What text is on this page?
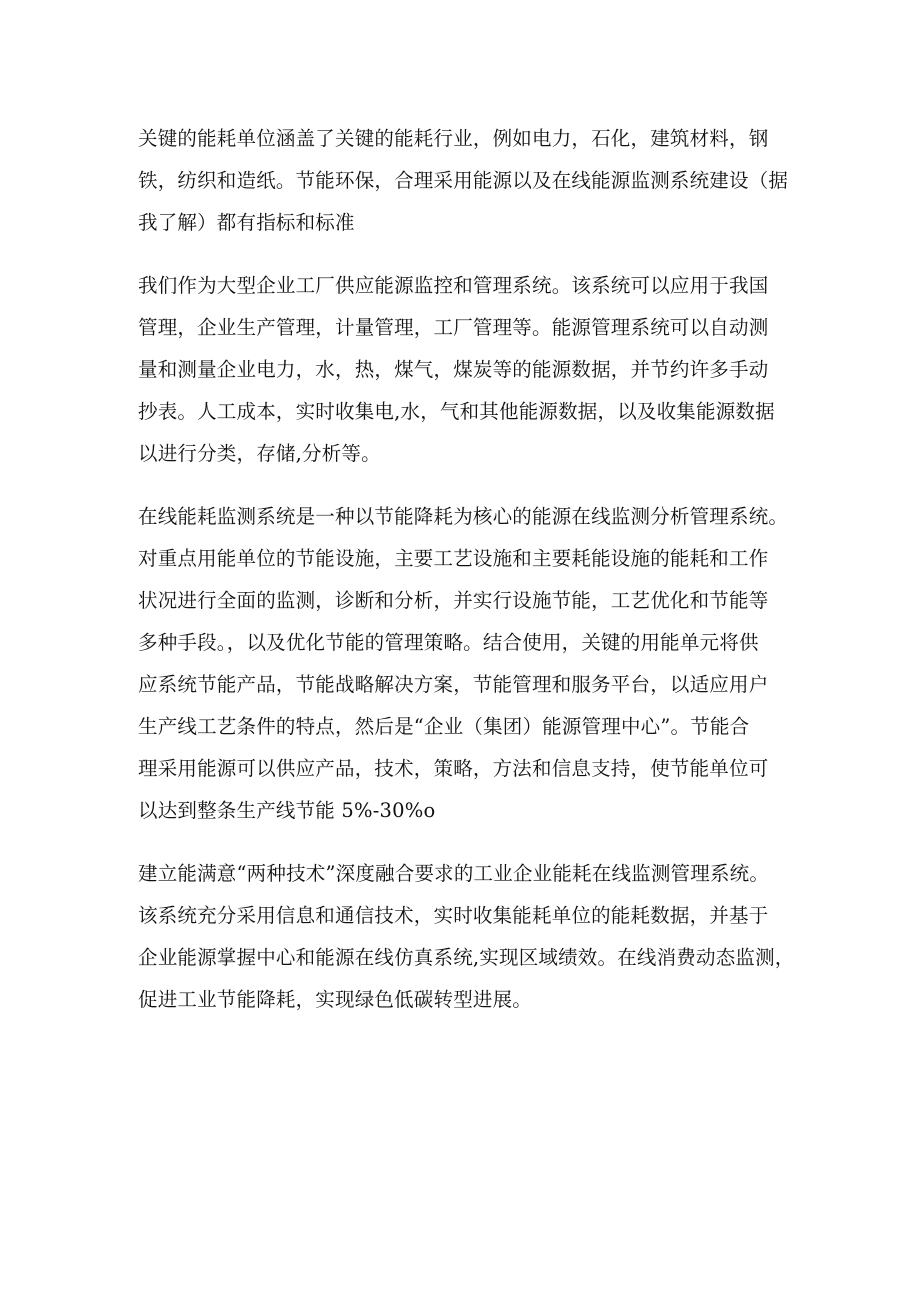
关键的能耗单位涵盖了关键的能耗行业，例如电力，石化，建筑材料，钢
铁，纺织和造纸。节能环保，合理采用能源以及在线能源监测系统建设（据
我了解）都有指标和标准
我们作为大型企业工厂供应能源监控和管理系统。该系统可以应用于我国
管理，企业生产管理，计量管理，工厂管理等。能源管理系统可以自动测
量和测量企业电力，水，热，煤气，煤炭等的能源数据，并节约许多手动
抄表。人工成本，实时收集电,水，气和其他能源数据，以及收集能源数据
以进行分类，存储,分析等。
在线能耗监测系统是一种以节能降耗为核心的能源在线监测分析管理系统。
对重点用能单位的节能设施，主要工艺设施和主要耗能设施的能耗和工作
状况进行全面的监测，诊断和分析，并实行设施节能，工艺优化和节能等
多种手段。，以及优化节能的管理策略。结合使用，关键的用能单元将供
应系统节能产品，节能战略解决方案，节能管理和服务平台，以适应用户
生产线工艺条件的特点，然后是“企业（集团）能源管理中心”。节能合
理采用能源可以供应产品，技术，策略，方法和信息支持，使节能单位可
以达到整条生产线节能 5%-30%o
建立能满意“两种技术”深度融合要求的工业企业能耗在线监测管理系统。
该系统充分采用信息和通信技术，实时收集能耗单位的能耗数据，并基于
企业能源掌握中心和能源在线仿真系统,实现区域绩效。在线消费动态监测，
促进工业节能降耗，实现绿色低碳转型进展。
